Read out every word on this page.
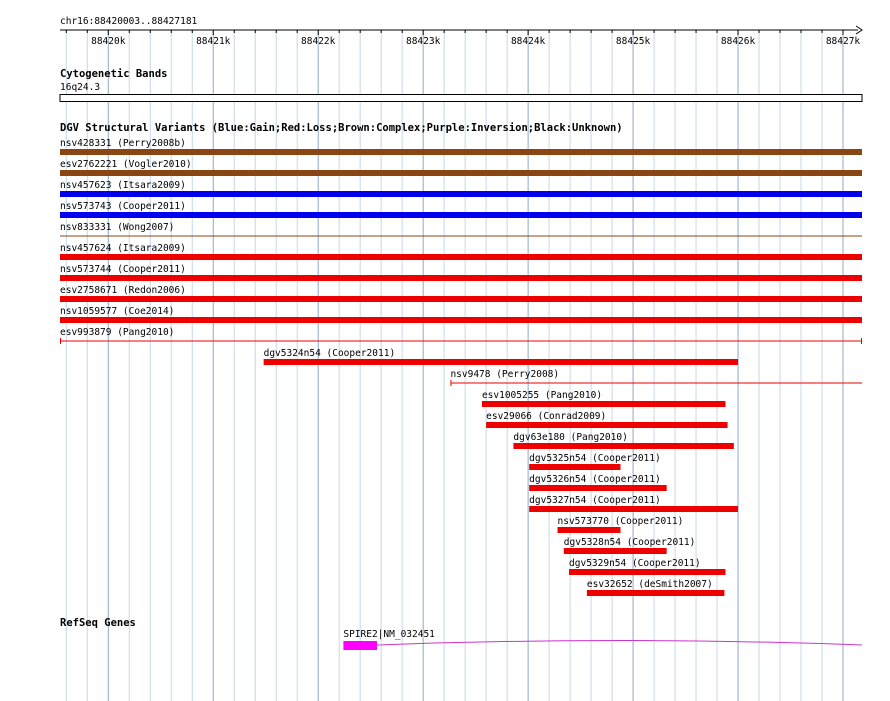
chr16:88420003..88427181
88420k	88421k	88422k	88423k	88424k	88425k	88426k	88427k
Cytogenetic Bands
16q24.3
DGV Structural Variants (Blue:Gain;Red:Loss;Brown:Complex;Purple:Inversion;Black:Unknown)
nsv428331 (Perry2008b)
esv2762221 (Vogler2010)
nsv457623 (Itsara2009)
nsv573743 (Cooper2011)
nsv833331 (Wong2007)
nsv457624 (Itsara2009)
nsv573744 (Cooper2011)
esv2758671 (Redon2006)
nsv1059577 (Coe2014)
esv993879 (Pang2010)
dgv5324n54 (Cooper2011)
nsv9478 (Perry2008)
esv1005255 (Pang2010)
esv29066 (Conrad2009)
dgv63e180 (Pang2010)
dgv5325n54 (Cooper2011)
dgv5326n54 (Cooper2011)
dgv5327n54 (Cooper2011)
nsv573770 (Cooper2011)
dgv5328n54 (Cooper2011)
dgv5329n54 (Cooper2011)
esv32652 (deSmith2007)
RefSeq Genes
SPIRE2|NM_032451
